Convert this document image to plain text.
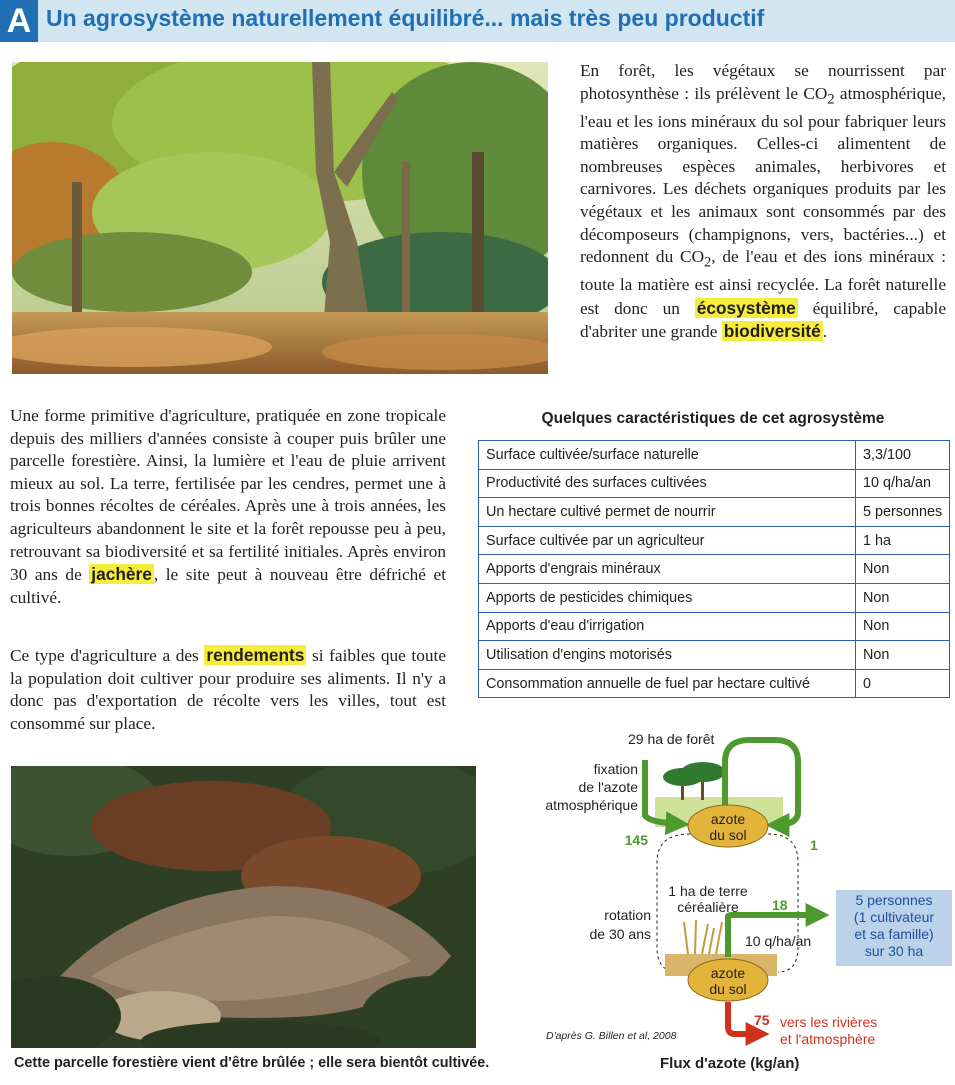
A Un agrosystème naturellement équilibré... mais très peu productif
En forêt, les végétaux se nourrissent par photosynthèse : ils prélèvent le $CO_2$ atmosphérique, l'eau et les ions minéraux du sol pour fabriquer leurs matières organiques. Celles-ci alimentent de nombreuses espèces animales, herbivores et carnivores. Les déchets organiques produits par les végétaux et les animaux sont consommés par des décomposeurs (champignons, vers, bactéries...) et redonnent du $CO_2$, de l'eau et des ions minéraux : toute la matière est ainsi recyclée. La forêt naturelle est donc un écosystème équilibré, capable d'abriter une grande biodiversité .
Une forme primitive d'agriculture, pratiquée en zone tropicale depuis des milliers d'années consiste à couper puis brûler une parcelle forestière. Ainsi, la lumière et l'eau de pluie arrivent mieux au sol. La terre, fertilisée par les cendres, permet une à trois bonnes récoltes de céréales. Après une à trois années, les agriculteurs abandonnent le site et la forêt repousse peu à peu, retrouvant sa biodiversité et sa fertilité initiales. Après environ 30 ans de jachère , le site peut à nouveau être défriché et cultivé.
Ce type d'agriculture a des rendements si faibles que toute la population doit cultiver pour produire ses aliments. Il n'y a donc pas d'exportation de récolte vers les villes, tout est consommé sur place.
Quelques caractéristiques de cet agrosystème
Surface cultivée/surface naturelle	3,3/100
Productivité des surfaces cultivées	10 q/ha/an
Un hectare cultivé permet de nourrir	5 personnes
Surface cultivée par un agriculteur	1 ha
Apports d'engrais minéraux	Non
Apports de pesticides chimiques	Non
Apports d'eau d'irrigation	Non
Utilisation d'engins motorisés	Non
Consommation annuelle de fuel par hectare cultivé	0
Cette parcelle forestière vient d'être brûlée ; elle sera bientôt cultivée.
azote
du sol
azote
du sol
5 personnes
(1 cultivateur
et sa famille)
sur 30 ha
29 ha de forêt
fixation
de l'azote
atmosphérique
145	1
1 ha de terre
céréalière
rotation
de 30 ans
18
10 q/ha/an
75 vers les rivières
et l'atmosphère
D'après G. Billen et al, 2008
Flux d'azote (kg/an)
